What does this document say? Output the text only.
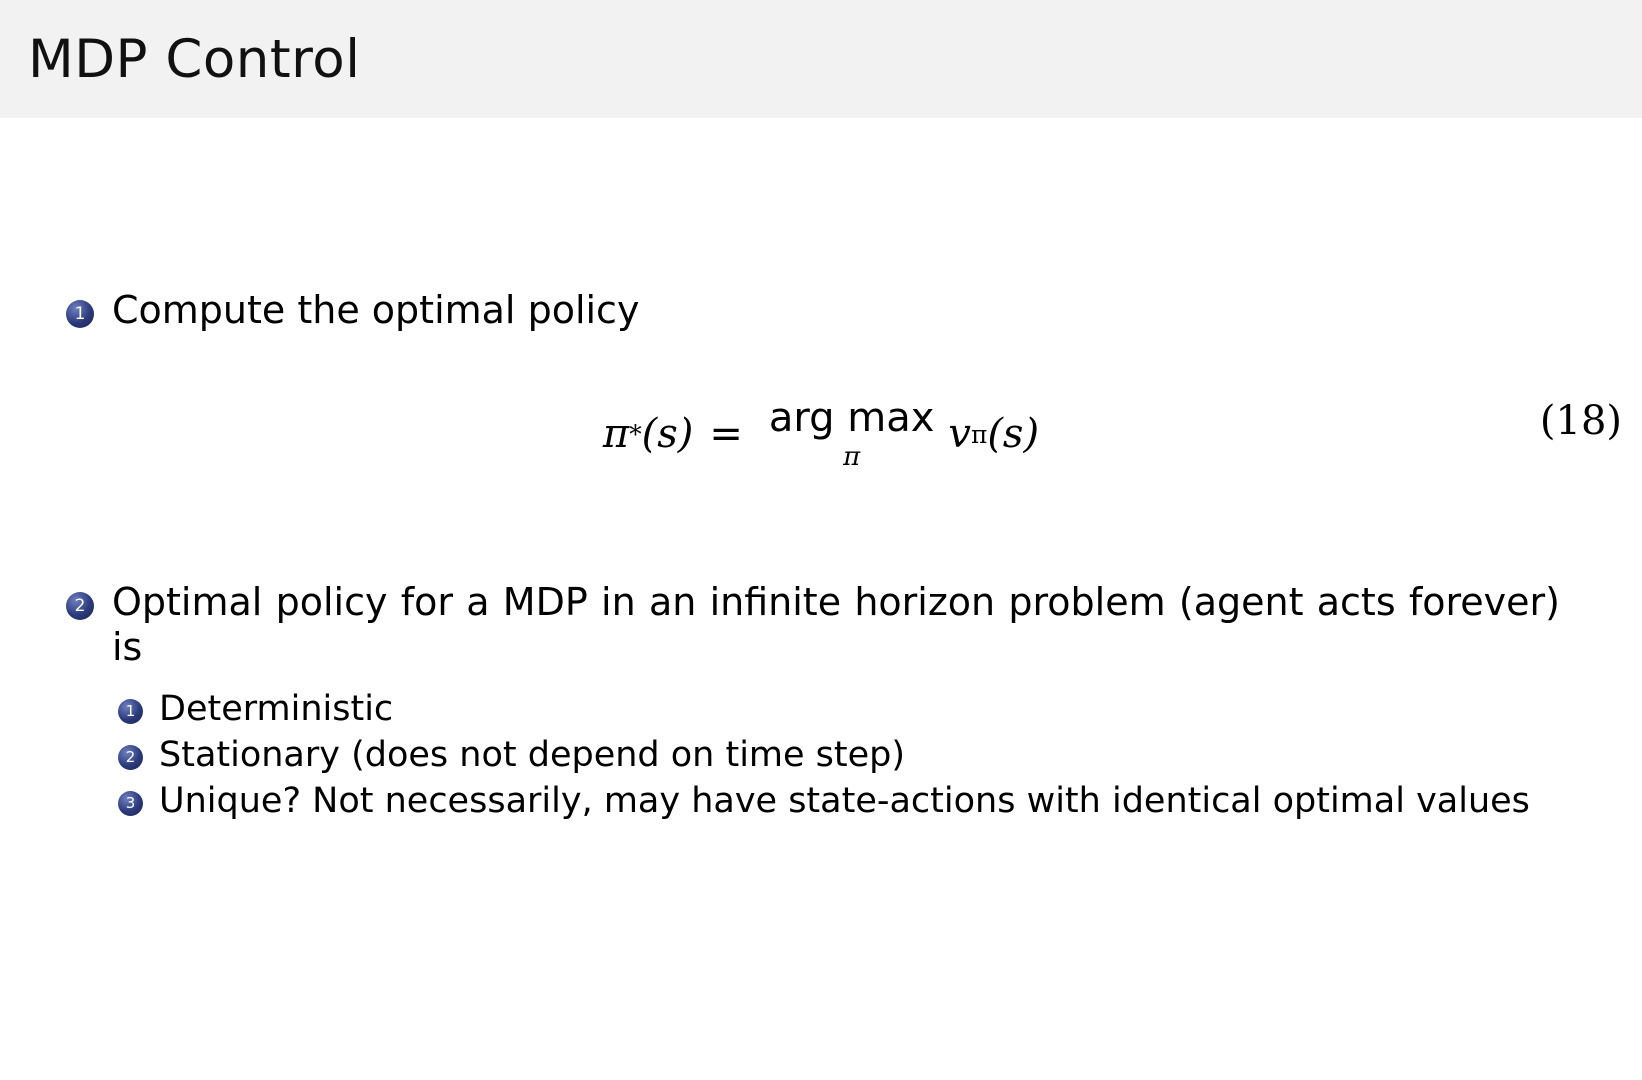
MDP Control
1 Compute the optimal policy
π * (s) = arg max
π v π (s)	(18)
2 Optimal policy for a MDP in an infinite horizon problem (agent acts forever) is
1 Deterministic
2 Stationary (does not depend on time step)
3 Unique? Not necessarily, may have state-actions with identical optimal values
